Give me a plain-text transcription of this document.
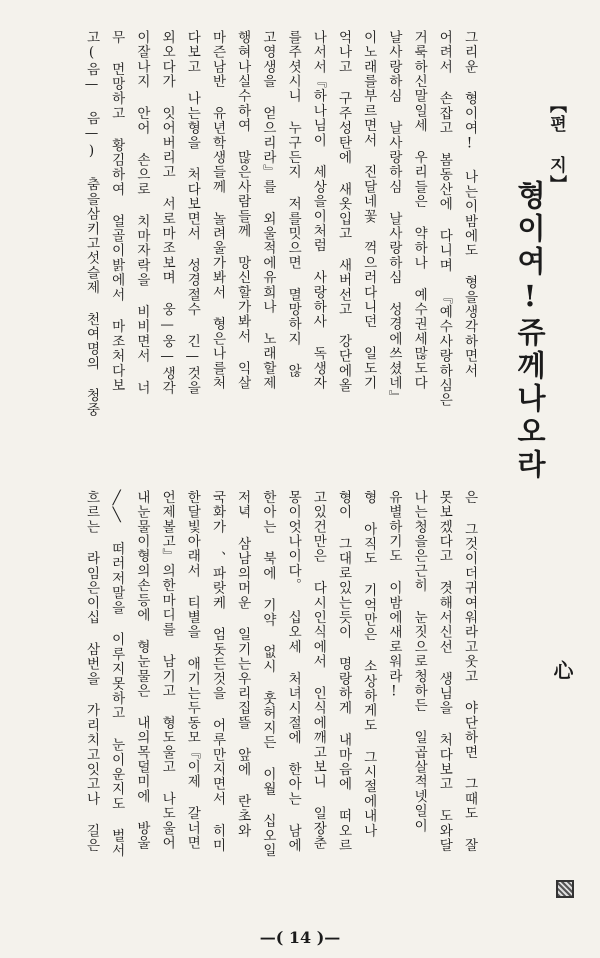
【편 지】
형이여!쥬께나오라
心
그리운 형이여! 나는이밤에도 형을생각하면서
어려서 손잡고 봄동산에 다니며 『예수사랑하심은
거룩하신말일세 우리들은 약하나 예수권세많도다
날사랑하심 날사랑하심 날사랑하심 성경에쓰셨네』
이노래를부르면서 진달네꽃 꺽으러다니던 일도기
억나고 구주성탄에 새옷입고 새버선고 강단에올
나서서『하나님이 세상을이처럼 사랑하사 독생자
를주셧시니 누구든지 저를밋으면 멸망하지 않
고영생을 얻으리라』를 외울적에유희나 노래할제
행혀나실수하여 많은사람들께 망신할가봐서 익살
마즌남반 유년학생들께 놀려울가봐서 형은나를처
다보고 나는형을 처다보면서 성경절수 긴—것을
외오다가 잇어버리고 서로마조보며 웅—웅—생각
이잘나지 안어 손으로 치마자락을 비비면서 너
무 먼망하고 황김하여 얼골이밝에서 마조처다보
고(음— 음—) 춤을삼키고섯슬제 천여명의 청중
은 그것이더귀여워라고웃고 야단하면 그때도 잘
못보겠다고 겻해서신선 생님을 처다보고 도와달
나는청을은근히 눈짓으로청하든 일곱살적넷일이
유별하기도 이밤에새로워라!
형 아직도 기억만은 소상하게도 그시절에내나
형이 그대로있는듯이 명랑하게 내마음에 떠오르
고있건만은 다시인식에서 인식에깨고보니 일장춘
몽이엇나이다。 십오세 처녀시절에 한아는 남에
한아는 북에 기약 없시 훗허지든 이월 십오일
저녁 삼남의머운 일기는우리집뜰 앞에 란초와
국화가 、파랏케 엄돗든것을 어루만지면서 히미
한달빛아래서 티별을 애기는두동모『이제 갈너면
언제볼고』의한마디를 남기고 형도울고 나도울어
내눈물이형의손등에 형눈물은 내의목덜미에 방울
╱╲ 떠러저말을 이루지못하고 눈이운지도 벌서
흐르는 라임은이십 삼번을 가리치고잇고나 길은
—( 14 )—
